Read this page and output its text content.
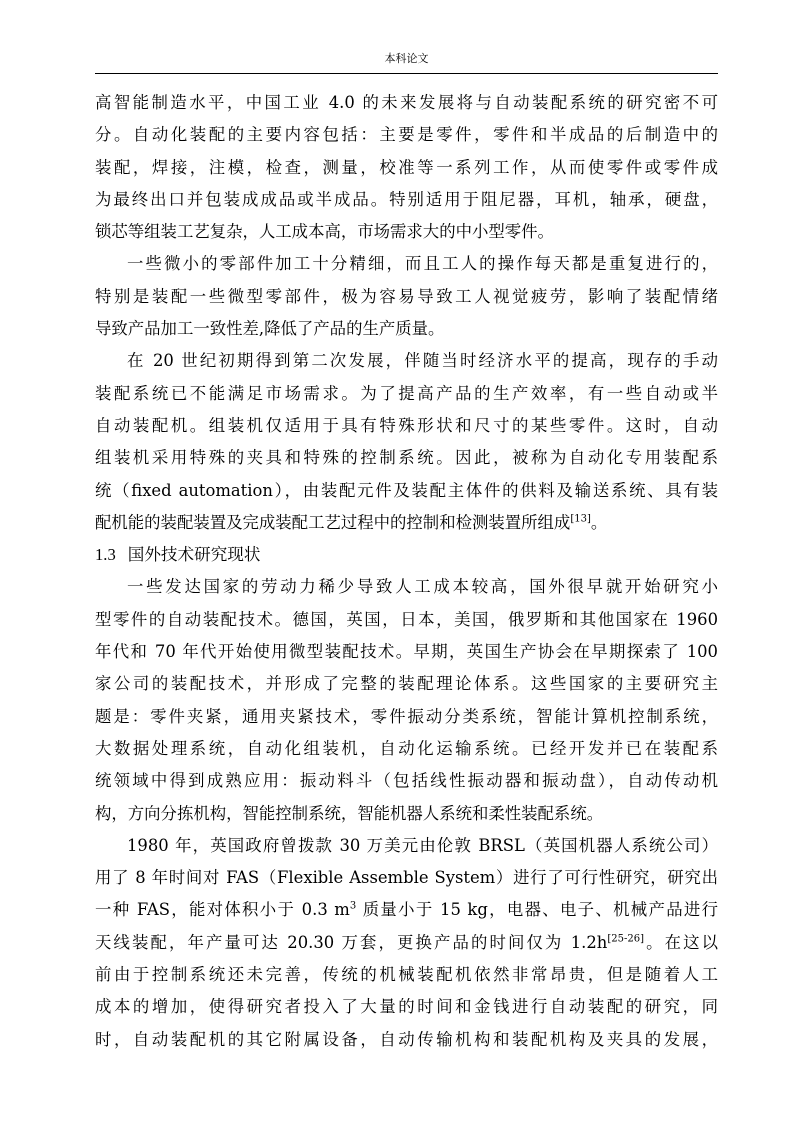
本科论文
高智能制造水平，中国工业 4.0 的未来发展将与自动装配系统的研究密不可
分。自动化装配的主要内容包括：主要是零件，零件和半成品的后制造中的
装配，焊接，注模，检查，测量，校准等一系列工作，从而使零件或零件成
为最终出口并包装成成品或半成品。特别适用于阻尼器，耳机，轴承，硬盘，
锁芯等组装工艺复杂，人工成本高，市场需求大的中小型零件。
一些微小的零部件加工十分精细，而且工人的操作每天都是重复进行的，
特别是装配一些微型零部件，极为容易导致工人视觉疲劳，影响了装配情绪
导致产品加工一致性差,降低了产品的生产质量。
在 20 世纪初期得到第二次发展，伴随当时经济水平的提高，现存的手动
装配系统已不能满足市场需求。为了提高产品的生产效率，有一些自动或半
自动装配机。组装机仅适用于具有特殊形状和尺寸的某些零件。这时，自动
组装机采用特殊的夹具和特殊的控制系统。因此，被称为自动化专用装配系
统（fixed automation），由装配元件及装配主体件的供料及输送系统、具有装
配机能的装配装置及完成装配工艺过程中的控制和检测装置所组成[13]。
1.3 国外技术研究现状
一些发达国家的劳动力稀少导致人工成本较高，国外很早就开始研究小
型零件的自动装配技术。德国，英国，日本，美国，俄罗斯和其他国家在 1960
年代和 70 年代开始使用微型装配技术。早期，英国生产协会在早期探索了 100
家公司的装配技术，并形成了完整的装配理论体系。这些国家的主要研究主
题是：零件夹紧，通用夹紧技术，零件振动分类系统，智能计算机控制系统，
大数据处理系统，自动化组装机，自动化运输系统。已经开发并已在装配系
统领域中得到成熟应用：振动料斗（包括线性振动器和振动盘），自动传动机
构，方向分拣机构，智能控制系统，智能机器人系统和柔性装配系统。
1980 年，英国政府曾拨款 30 万美元由伦敦 BRSL（英国机器人系统公司）
用了 8 年时间对 FAS（Flexible Assemble System）进行了可行性研究，研究出
一种 FAS，能对体积小于 0.3 $m^3$ 质量小于 15 kg，电器、电子、机械产品进行
天线装配，年产量可达 20.30 万套，更换产品的时间仅为 1.2h[25-26]。在这以
前由于控制系统还未完善，传统的机械装配机依然非常昂贵，但是随着人工
成本的增加，使得研究者投入了大量的时间和金钱进行自动装配的研究，同
时，自动装配机的其它附属设备，自动传输机构和装配机构及夹具的发展，
